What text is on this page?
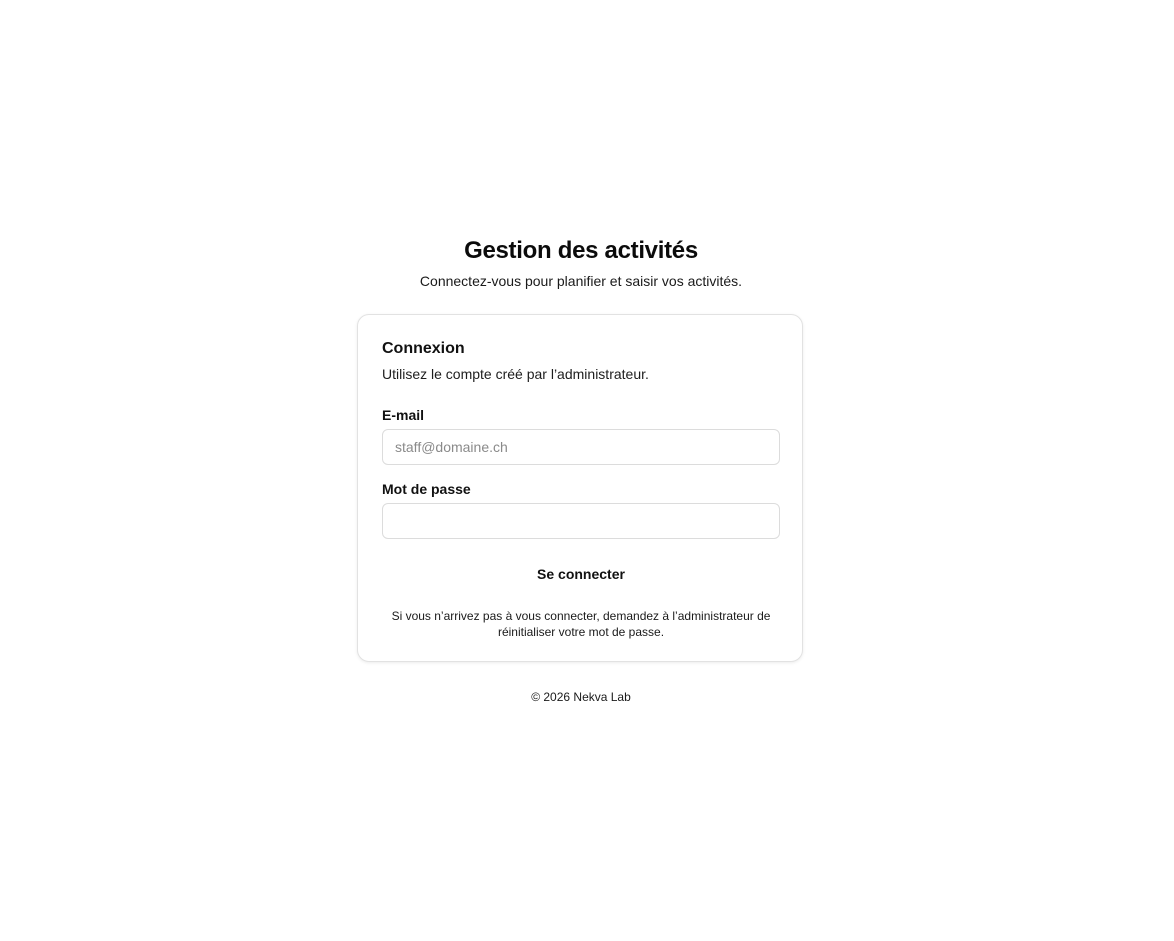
Gestion des activités
Connectez-vous pour planifier et saisir vos activités.
Connexion
Utilisez le compte créé par l’administrateur.
E-mail
staff@domaine.ch
Mot de passe
Se connecter
Si vous n’arrivez pas à vous connecter, demandez à l’administrateur de réinitialiser votre mot de passe.
© 2026 Nekva Lab
